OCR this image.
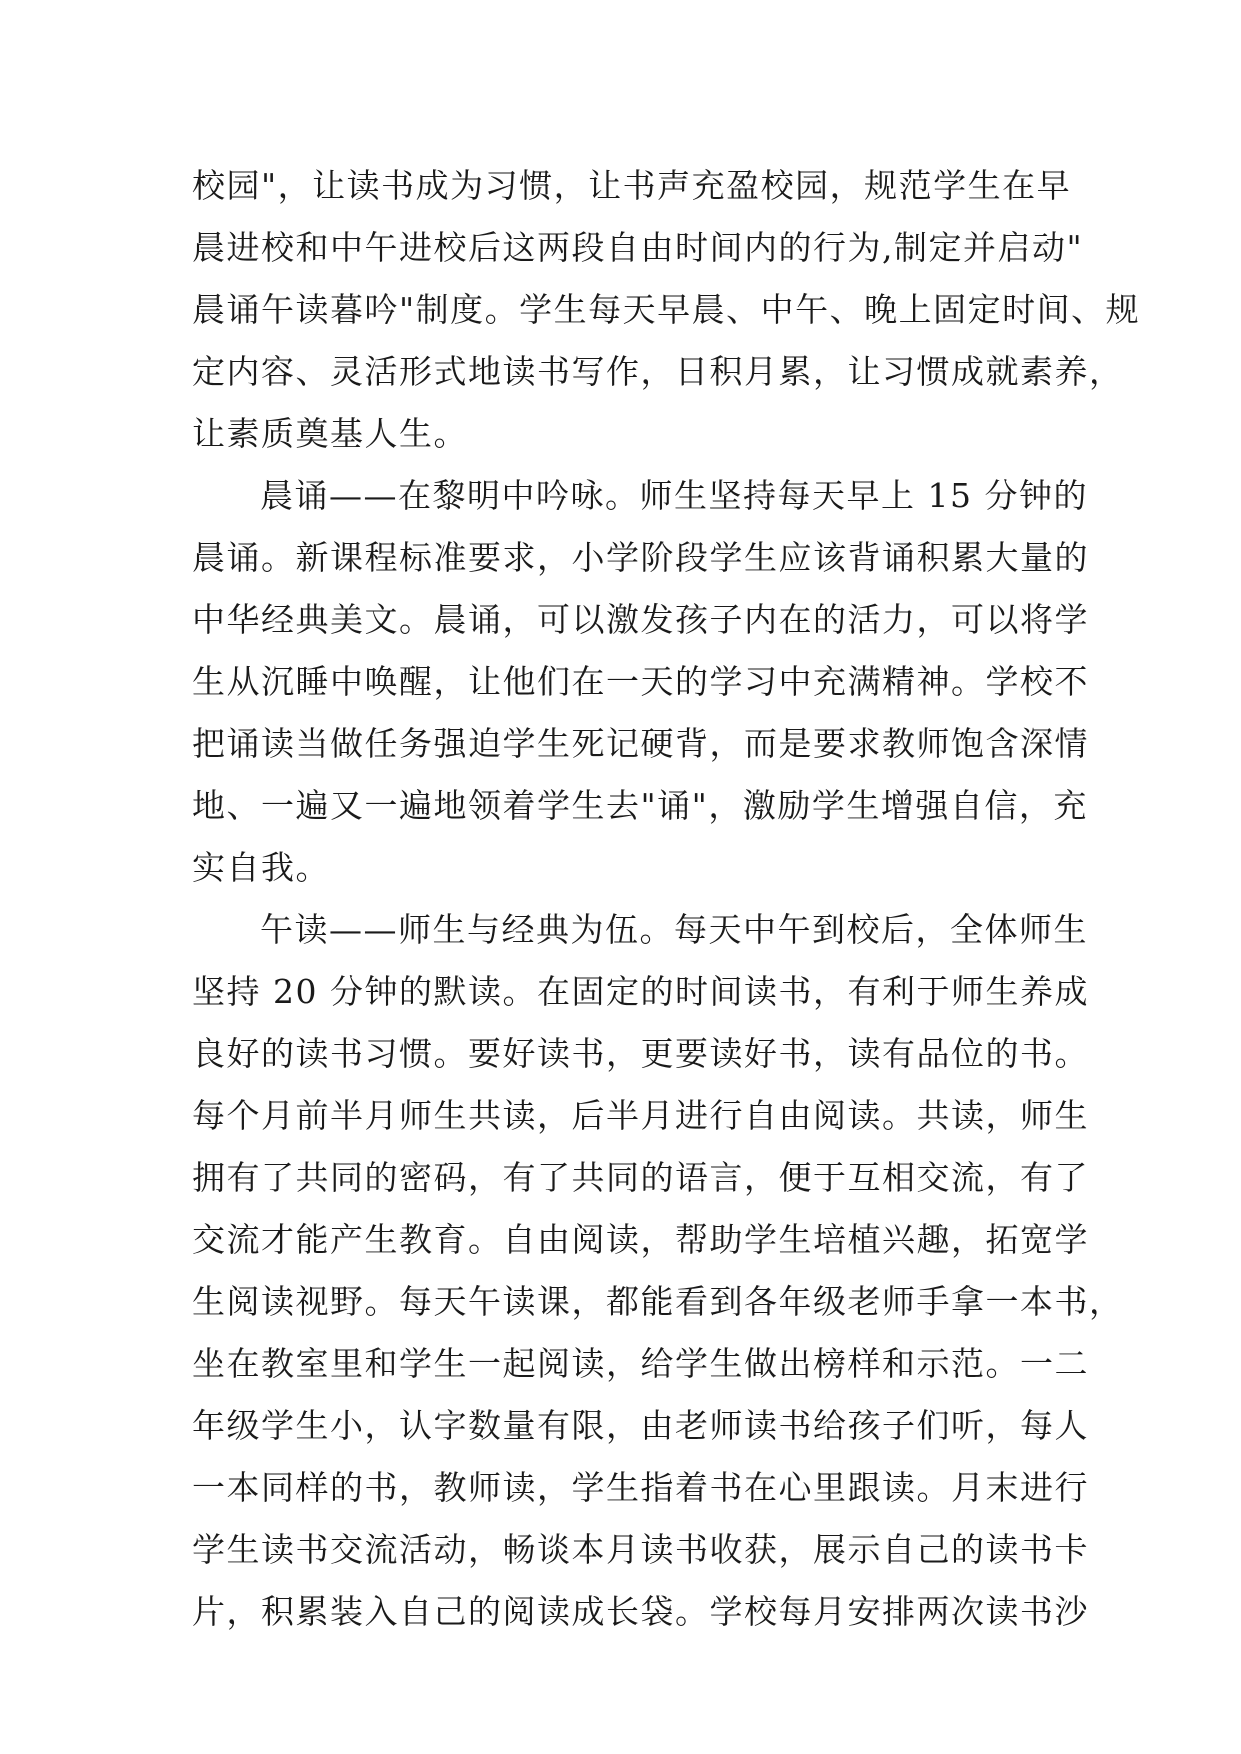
校园"，让读书成为习惯，让书声充盈校园，规范学生在早
晨进校和中午进校后这两段自由时间内的行为,制定并启动"
晨诵午读暮吟"制度。学生每天早晨、中午、晚上固定时间、规
定内容、灵活形式地读书写作，日积月累，让习惯成就素养，
让素质奠基人生。
晨诵——在黎明中吟咏。师生坚持每天早上 15 分钟的
晨诵。新课程标准要求，小学阶段学生应该背诵积累大量的
中华经典美文。晨诵，可以激发孩子内在的活力，可以将学
生从沉睡中唤醒，让他们在一天的学习中充满精神。学校不
把诵读当做任务强迫学生死记硬背，而是要求教师饱含深情
地、一遍又一遍地领着学生去"诵"，激励学生增强自信，充
实自我。
午读——师生与经典为伍。每天中午到校后，全体师生
坚持 20 分钟的默读。在固定的时间读书，有利于师生养成
良好的读书习惯。要好读书，更要读好书，读有品位的书。
每个月前半月师生共读，后半月进行自由阅读。共读，师生
拥有了共同的密码，有了共同的语言，便于互相交流，有了
交流才能产生教育。自由阅读，帮助学生培植兴趣，拓宽学
生阅读视野。每天午读课，都能看到各年级老师手拿一本书，
坐在教室里和学生一起阅读，给学生做出榜样和示范。一二
年级学生小，认字数量有限，由老师读书给孩子们听，每人
一本同样的书，教师读，学生指着书在心里跟读。月末进行
学生读书交流活动，畅谈本月读书收获，展示自己的读书卡
片，积累装入自己的阅读成长袋。学校每月安排两次读书沙
